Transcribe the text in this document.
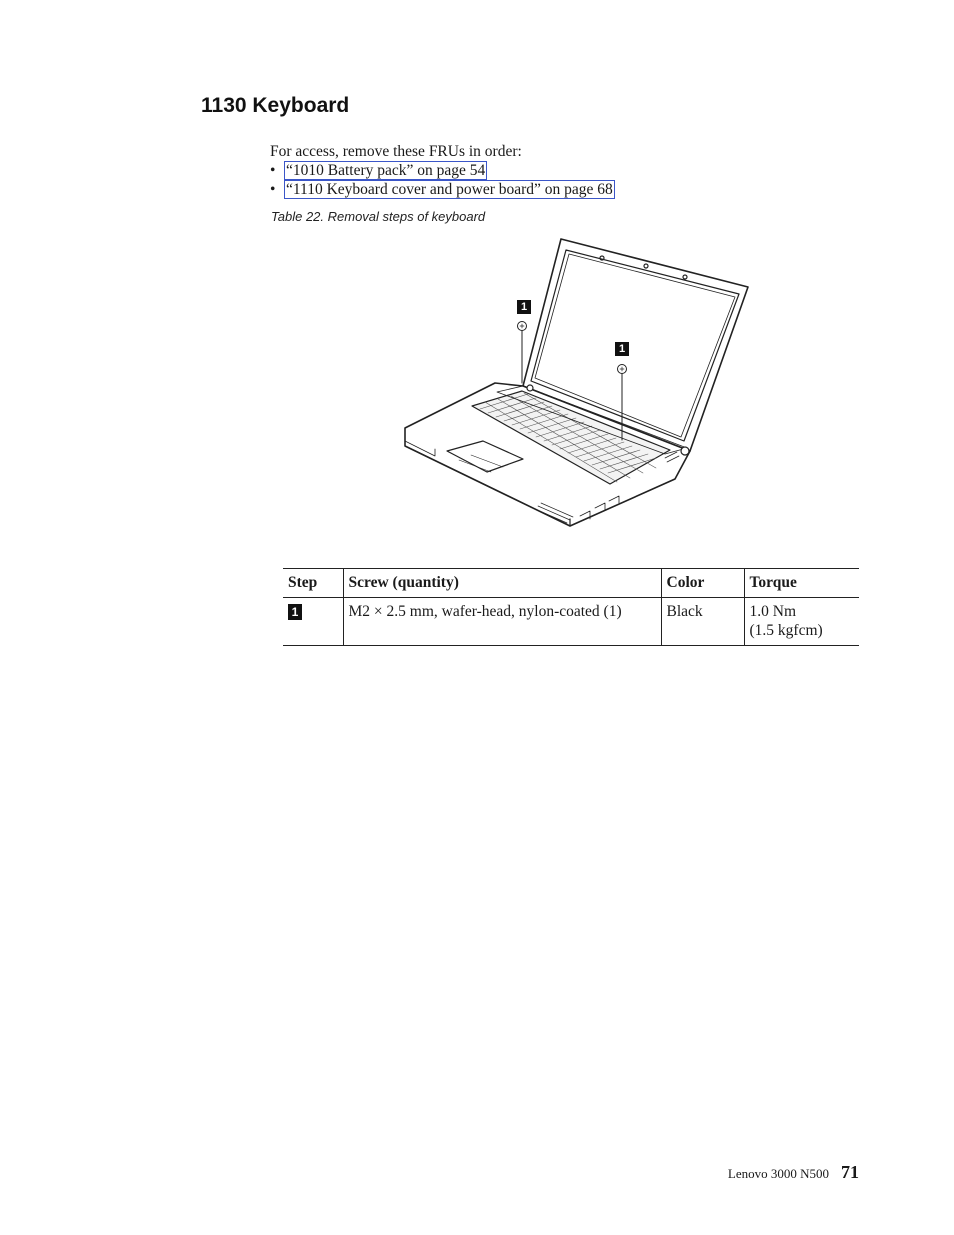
1130 Keyboard
For access, remove these FRUs in order:
• “1010 Battery pack” on page 54
• “1110 Keyboard cover and power board” on page 68
Table 22. Removal steps of keyboard
1
1
Step	Screw (quantity)	Color	Torque
1	M2 × 2.5 mm, wafer-head, nylon-coated (1)	Black	1.0 Nm
(1.5 kgfcm)
Lenovo 3000 N500 71
